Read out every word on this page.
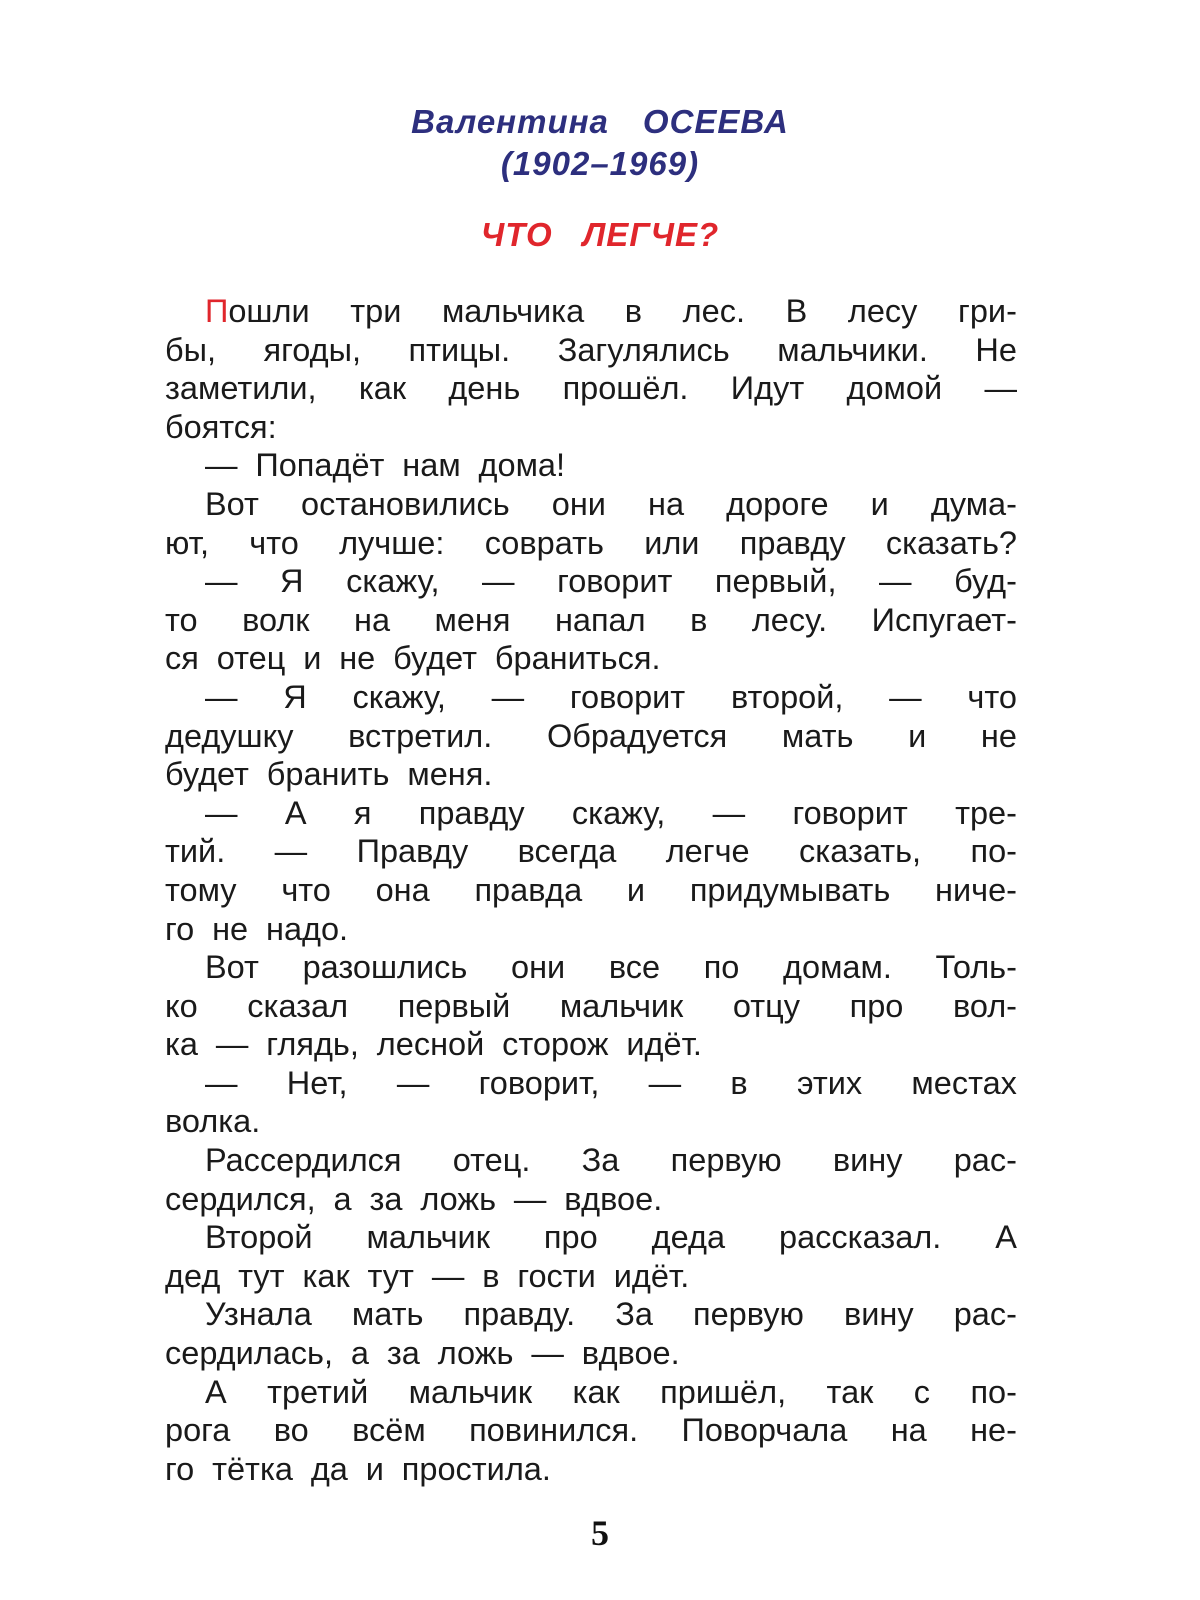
Валентина ОСЕЕВА
(1902–1969)
ЧТО ЛЕГЧЕ?
Пошли три мальчика в лес. В лесу гри-
бы, ягоды, птицы. Загулялись мальчики. Не
заметили, как день прошёл. Идут домой —
боятся:
— Попадёт нам дома!
Вот остановились они на дороге и дума-
ют, что лучше: соврать или правду сказать?
— Я скажу, — говорит первый, — буд-
то волк на меня напал в лесу. Испугает-
ся отец и не будет браниться.
— Я скажу, — говорит второй, — что
дедушку встретил. Обрадуется мать и не
будет бранить меня.
— А я правду скажу, — говорит тре-
тий. — Правду всегда легче сказать, по-
тому что она правда и придумывать ниче-
го не надо.
Вот разошлись они все по домам. Толь-
ко сказал первый мальчик отцу про вол-
ка — глядь, лесной сторож идёт.
— Нет, — говорит, — в этих местах
волка.
Рассердился отец. За первую вину рас-
сердился, а за ложь — вдвое.
Второй мальчик про деда рассказал. А
дед тут как тут — в гости идёт.
Узнала мать правду. За первую вину рас-
сердилась, а за ложь — вдвое.
А третий мальчик как пришёл, так с по-
рога во всём повинился. Поворчала на не-
го тётка да и простила.
5
